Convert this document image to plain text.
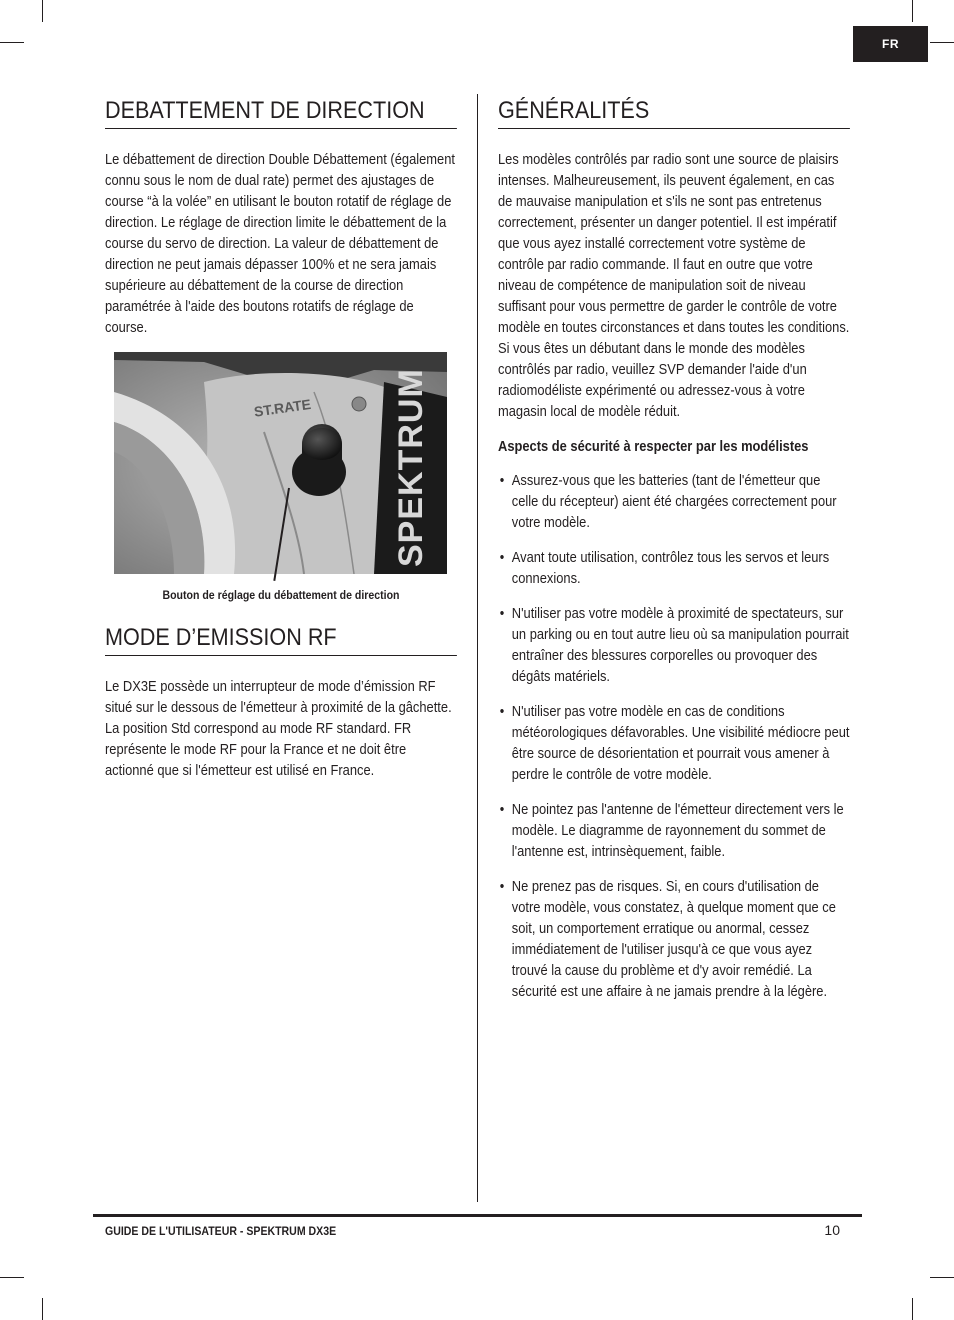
FR
DEBATTEMENT DE DIRECTION

Le débattement de direction Double Débattement (également connu sous le nom de dual rate) permet des ajustages de course “à la volée” en utilisant le bouton rotatif de réglage de direction. Le réglage de direction limite le débattement de la course du servo de direction. La valeur de débattement de direction ne peut jamais dépasser 100% et ne sera jamais supérieure au débattement de la course de direction paramétrée à l'aide des boutons rotatifs de réglage de course.

ST.RATE SPEKTRUM
Bouton de réglage du débattement de direction
MODE D’EMISSION RF

Le DX3E possède un interrupteur de mode d’émission RF situé sur le dessous de l'émetteur à proximité de la gâchette. La position Std correspond au mode RF standard. FR représente le mode RF pour la France et ne doit être actionné que si l'émetteur est utilisé en France.

GÉNÉRALITÉS

Les modèles contrôlés par radio sont une source de plaisirs intenses. Malheureusement, ils peuvent également, en cas de mauvaise manipulation et s'ils ne sont pas entretenus correctement, présenter un danger potentiel. Il est impératif que vous ayez installé correctement votre système de contrôle par radio commande. Il faut en outre que votre niveau de compétence de manipulation soit de niveau suffisant pour vous permettre de garder le contrôle de votre modèle en toutes circonstances et dans toutes les conditions. Si vous êtes un débutant dans le monde des modèles contrôlés par radio, veuillez SVP demander l'aide d'un radiomodéliste expérimenté ou adressez-vous à votre magasin local de modèle réduit.

Aspects de sécurité à respecter par les modélistes

• Assurez-vous que les batteries (tant de l'émetteur que celle du récepteur) aient été chargées correctement pour votre modèle.
• Avant toute utilisation, contrôlez tous les servos et leurs connexions.
• N'utiliser pas votre modèle à proximité de spectateurs, sur un parking ou en tout autre lieu où sa manipulation pourrait entraîner des blessures corporelles ou provoquer des dégâts matériels.
• N'utiliser pas votre modèle en cas de conditions météorologiques défavorables. Une visibilité médiocre peut être source de désorientation et pourrait vous amener à perdre le contrôle de votre modèle.
• Ne pointez pas l'antenne de l'émetteur directement vers le modèle. Le diagramme de rayonnement du sommet de l'antenne est, intrinsèquement, faible.
• Ne prenez pas de risques. Si, en cours d'utilisation de votre modèle, vous constatez, à quelque moment que ce soit, un comportement erratique ou anormal, cessez immédiatement de l'utiliser jusqu'à ce que vous ayez trouvé la cause du problème et d'y avoir remédié. La sécurité est une affaire à ne jamais prendre à la légère.
GUIDE DE L'UTILISATEUR - SPEKTRUM DX3E	10
